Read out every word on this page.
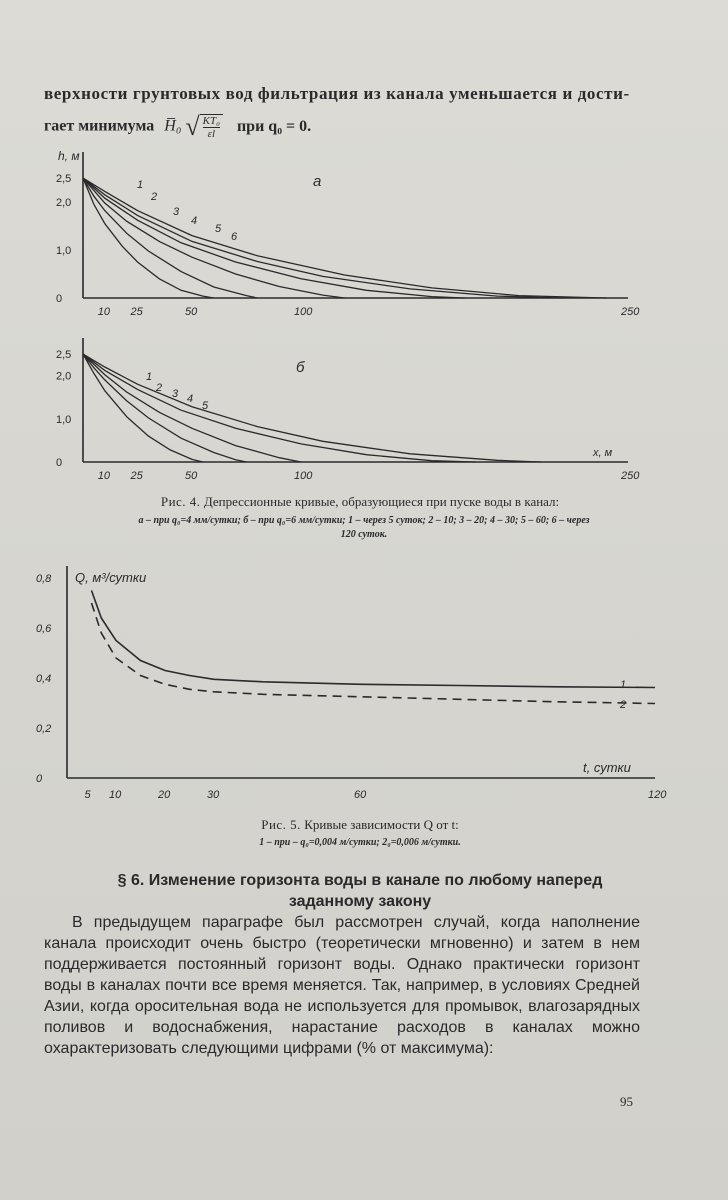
верхности грунтовых вод фильтрация из канала уменьшается и дости-
гает минимума H̅₀ √ $\frac{\text{KT₀}}{\varepsilon l}$ при q₀ = 0.
h, м
а
2,5
2,0
1,0
0
10 25	50	100	250
1
2
3
4
5
6
б
x, м
2,5
2,0
1,0
0
10 25	50	100	250
1
2 3 4
5
Рис. 4. Депрессионные кривые, образующиеся при пуске воды в канал:
а – при q₀=4 мм/сутки; б – при q₀=6 мм/сутки; 1 – через 5 суток; 2 – 10; 3 – 20; 4 – 30; 5 – 60; 6 – через
120 суток.
Q, м³/сутки
t, сутки
0
0,2
0,4
0,6
0,8
5 10	20	30	60	120
1
2
Рис. 5. Кривые зависимости Q от t:
1 – при – q₀=0,004 м/сутки; 2₀=0,006 м/сутки.
§ 6. Изменение горизонта воды в канале по любому наперед
заданному закону

В предыдущем параграфе был рассмотрен случай, когда наполнение канала происходит очень быстро (теоретически мгновенно) и затем в нем поддерживается постоянный горизонт воды. Однако практически горизонт воды в каналах почти все время меняется. Так, например, в условиях Средней Азии, когда оросительная вода не используется для промывок, влагозарядных поливов и водоснабжения, нарастание расходов в каналах можно охарактеризовать следующими цифрами (% от максимума):

95
